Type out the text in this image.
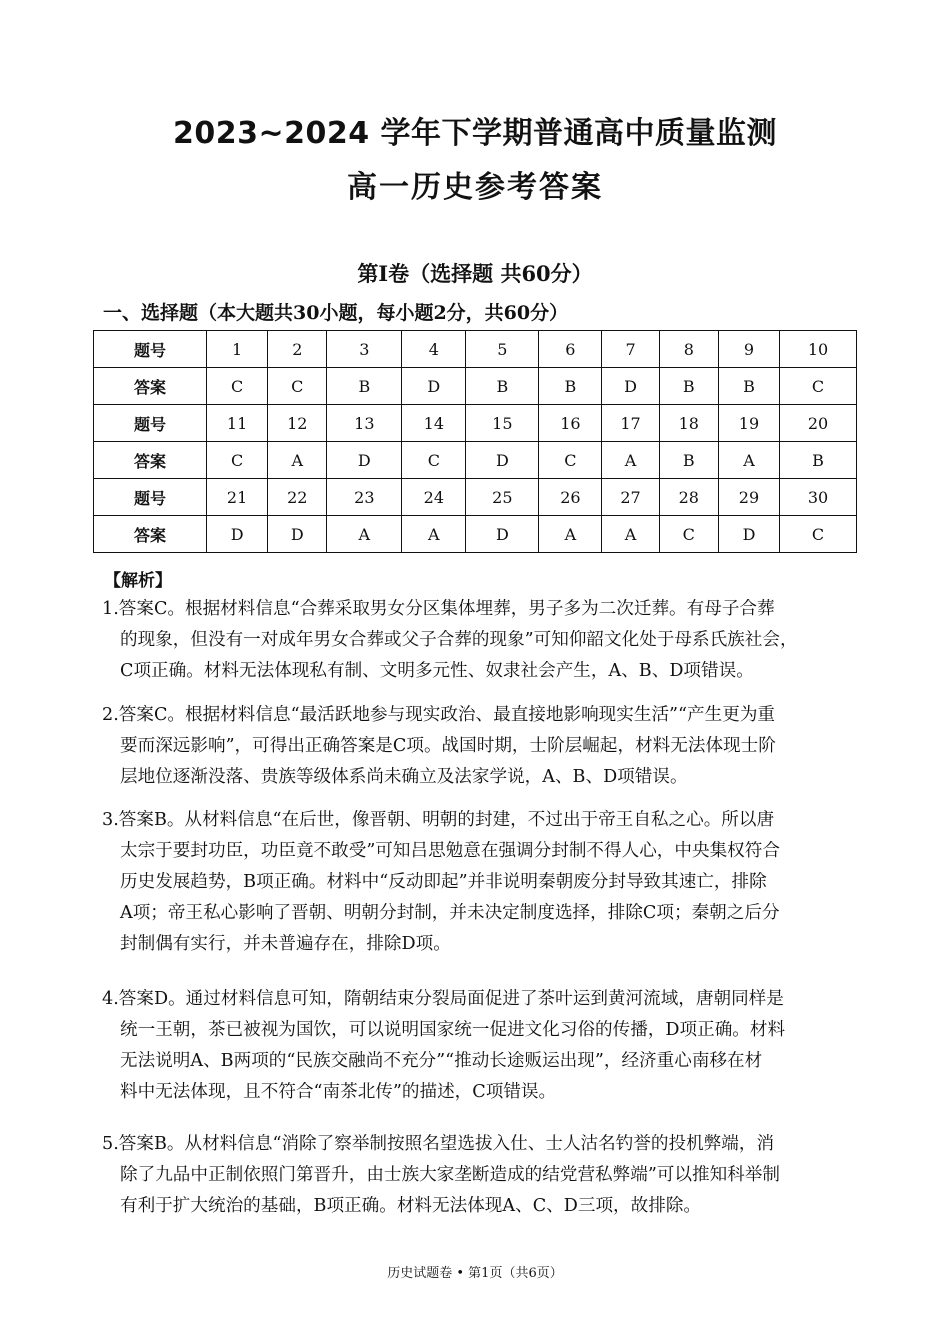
2023~2024 学年下学期普通高中质量监测
高一历史参考答案
第Ⅰ卷（选择题 共60分）
一、选择题（本大题共30小题，每小题2分，共60分）
题号	1	2	3	4	5	6	7	8	9	10
答案	C	C	B	D	B	B	D	B	B	C
题号	11	12	13	14	15	16	17	18	19	20
答案	C	A	D	C	D	C	A	B	A	B
题号	21	22	23	24	25	26	27	28	29	30
答案	D	D	A	A	D	A	A	C	D	C
【解析】
1.答案C。根据材料信息“合葬采取男女分区集体埋葬，男子多为二次迁葬。有母子合葬
的现象，但没有一对成年男女合葬或父子合葬的现象”可知仰韶文化处于母系氏族社会，
C项正确。材料无法体现私有制、文明多元性、奴隶社会产生，A、B、D项错误。
2.答案C。根据材料信息“最活跃地参与现实政治、最直接地影响现实生活”“产生更为重
要而深远影响”，可得出正确答案是C项。战国时期，士阶层崛起，材料无法体现士阶
层地位逐渐没落、贵族等级体系尚未确立及法家学说，A、B、D项错误。
3.答案B。从材料信息“在后世，像晋朝、明朝的封建，不过出于帝王自私之心。所以唐
太宗于要封功臣，功臣竟不敢受”可知吕思勉意在强调分封制不得人心，中央集权符合
历史发展趋势，B项正确。材料中“反动即起”并非说明秦朝废分封导致其速亡，排除
A项；帝王私心影响了晋朝、明朝分封制，并未决定制度选择，排除C项；秦朝之后分
封制偶有实行，并未普遍存在，排除D项。
4.答案D。通过材料信息可知，隋朝结束分裂局面促进了茶叶运到黄河流域，唐朝同样是
统一王朝，茶已被视为国饮，可以说明国家统一促进文化习俗的传播，D项正确。材料
无法说明A、B两项的“民族交融尚不充分”“推动长途贩运出现”，经济重心南移在材
料中无法体现，且不符合“南茶北传”的描述，C项错误。
5.答案B。从材料信息“消除了察举制按照名望选拔入仕、士人沽名钓誉的投机弊端，消
除了九品中正制依照门第晋升，由士族大家垄断造成的结党营私弊端”可以推知科举制
有利于扩大统治的基础，B项正确。材料无法体现A、C、D三项，故排除。
历史试题卷 • 第1页（共6页）
